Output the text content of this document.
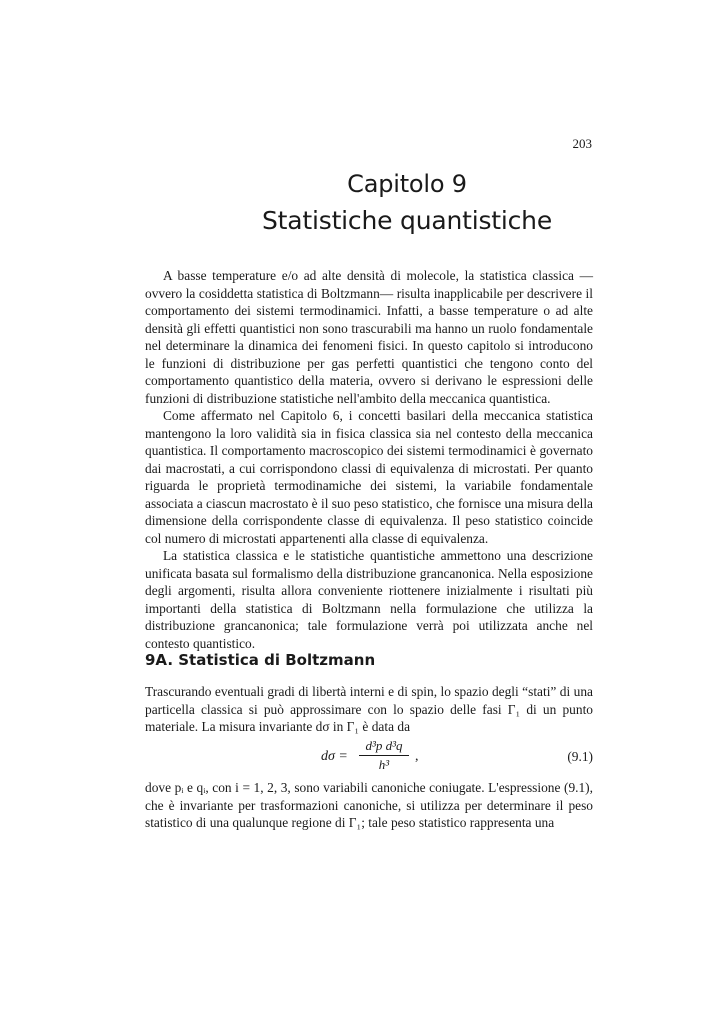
203
Capitolo 9
Statistiche quantistiche

A basse temperature e/o ad alte densità di molecole, la statistica classica — ovvero la cosiddetta statistica di Boltzmann— risulta inapplicabile per descrivere il comportamento dei sistemi termodinamici. Infatti, a basse temperature o ad alte densità gli effetti quantistici non sono trascurabili ma hanno un ruolo fondamentale nel determinare la dinamica dei fenomeni fisici. In questo capitolo si introducono le funzioni di distribuzione per gas perfetti quantistici che tengono conto del comportamento quantistico della materia, ovvero si derivano le espressioni delle funzioni di distribuzione statistiche nell'ambito della meccanica quantistica.

Come affermato nel Capitolo 6, i concetti basilari della meccanica statistica mantengono la loro validità sia in fisica classica sia nel contesto della meccanica quantistica. Il comportamento macroscopico dei sistemi termodinamici è governato dai macrostati, a cui corrispondono classi di equivalenza di microstati. Per quanto riguarda le proprietà termodinamiche dei sistemi, la variabile fondamentale associata a ciascun macrostato è il suo peso statistico, che fornisce una misura della dimensione della corrispondente classe di equivalenza. Il peso statistico coincide col numero di microstati appartenenti alla classe di equivalenza.

La statistica classica e le statistiche quantistiche ammettono una descrizione unificata basata sul formalismo della distribuzione grancanonica. Nella esposizione degli argomenti, risulta allora conveniente riottenere inizialmente i risultati più importanti della statistica di Boltzmann nella formulazione che utilizza la distribuzione grancanonica; tale formulazione verrà poi utilizzata anche nel contesto quantistico.

9A. Statistica di Boltzmann

Trascurando eventuali gradi di libertà interni e di spin, lo spazio degli “stati” di una particella classica si può approssimare con lo spazio delle fasi Γ₁ di un punto materiale. La misura invariante dσ in Γ₁ è data da

dσ =
d³p d³q
h³
,	(9.1)

dove pᵢ e qᵢ, con i = 1, 2, 3, sono variabili canoniche coniugate. L'espressione (9.1), che è invariante per trasformazioni canoniche, si utilizza per determinare il peso statistico di una qualunque regione di Γ₁; tale peso statistico rappresenta una
